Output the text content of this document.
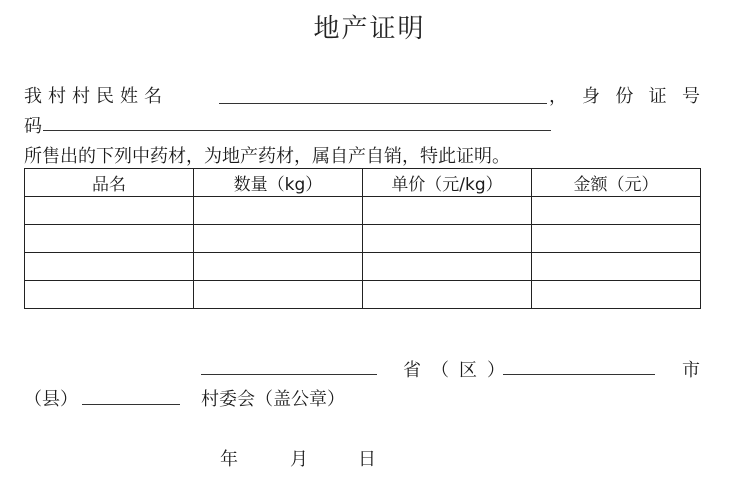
地产证明
我村村民姓名	， 身 份 证 号
码
所售出的下列中药材，为地产药材，属自产自销，特此证明。
品名	数量（kg）	单价（元/kg）	金额（元）

省（区）	市
（县）	村委会（盖公章）
年	月	日
